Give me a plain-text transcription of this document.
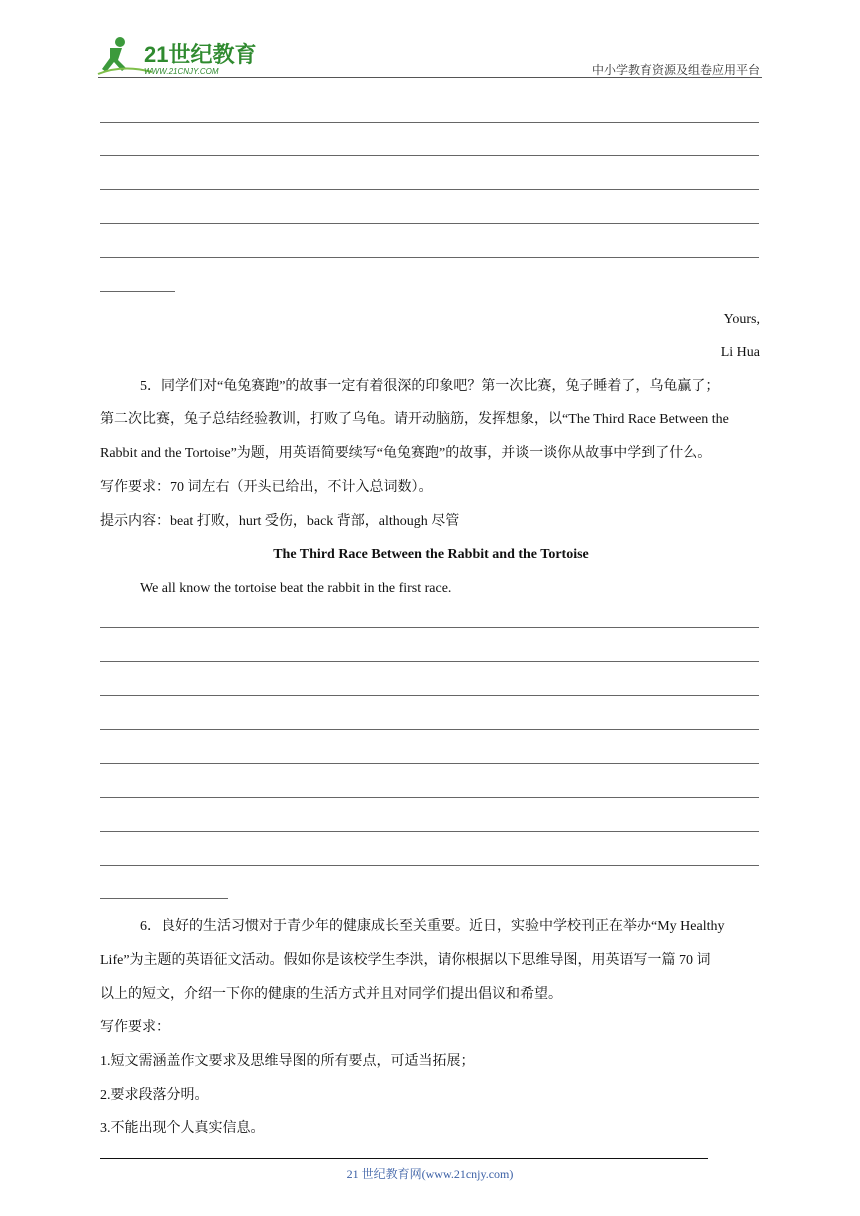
21世纪教育
WWW.21CNJY.COM	中小学教育资源及组卷应用平台
Yours,
Li Hua
5．同学们对“龟兔赛跑”的故事一定有着很深的印象吧？第一次比赛，兔子睡着了，乌龟赢了；
第二次比赛，兔子总结经验教训，打败了乌龟。请开动脑筋，发挥想象，以“The Third Race Between the
Rabbit and the Tortoise”为题，用英语简要续写“龟兔赛跑”的故事，并谈一谈你从故事中学到了什么。
写作要求：70 词左右（开头已给出，不计入总词数）。
提示内容：beat 打败，hurt 受伤，back 背部，although 尽管
The Third Race Between the Rabbit and the Tortoise
We all know the tortoise beat the rabbit in the first race.
6．良好的生活习惯对于青少年的健康成长至关重要。近日，实验中学校刊正在举办“My Healthy
Life”为主题的英语征文活动。假如你是该校学生李洪，请你根据以下思维导图，用英语写一篇 70 词
以上的短文，介绍一下你的健康的生活方式并且对同学们提出倡议和希望。
写作要求：
1.短文需涵盖作文要求及思维导图的所有要点，可适当拓展；
2.要求段落分明。
3.不能出现个人真实信息。
21 世纪教育网(www.21cnjy.com)
